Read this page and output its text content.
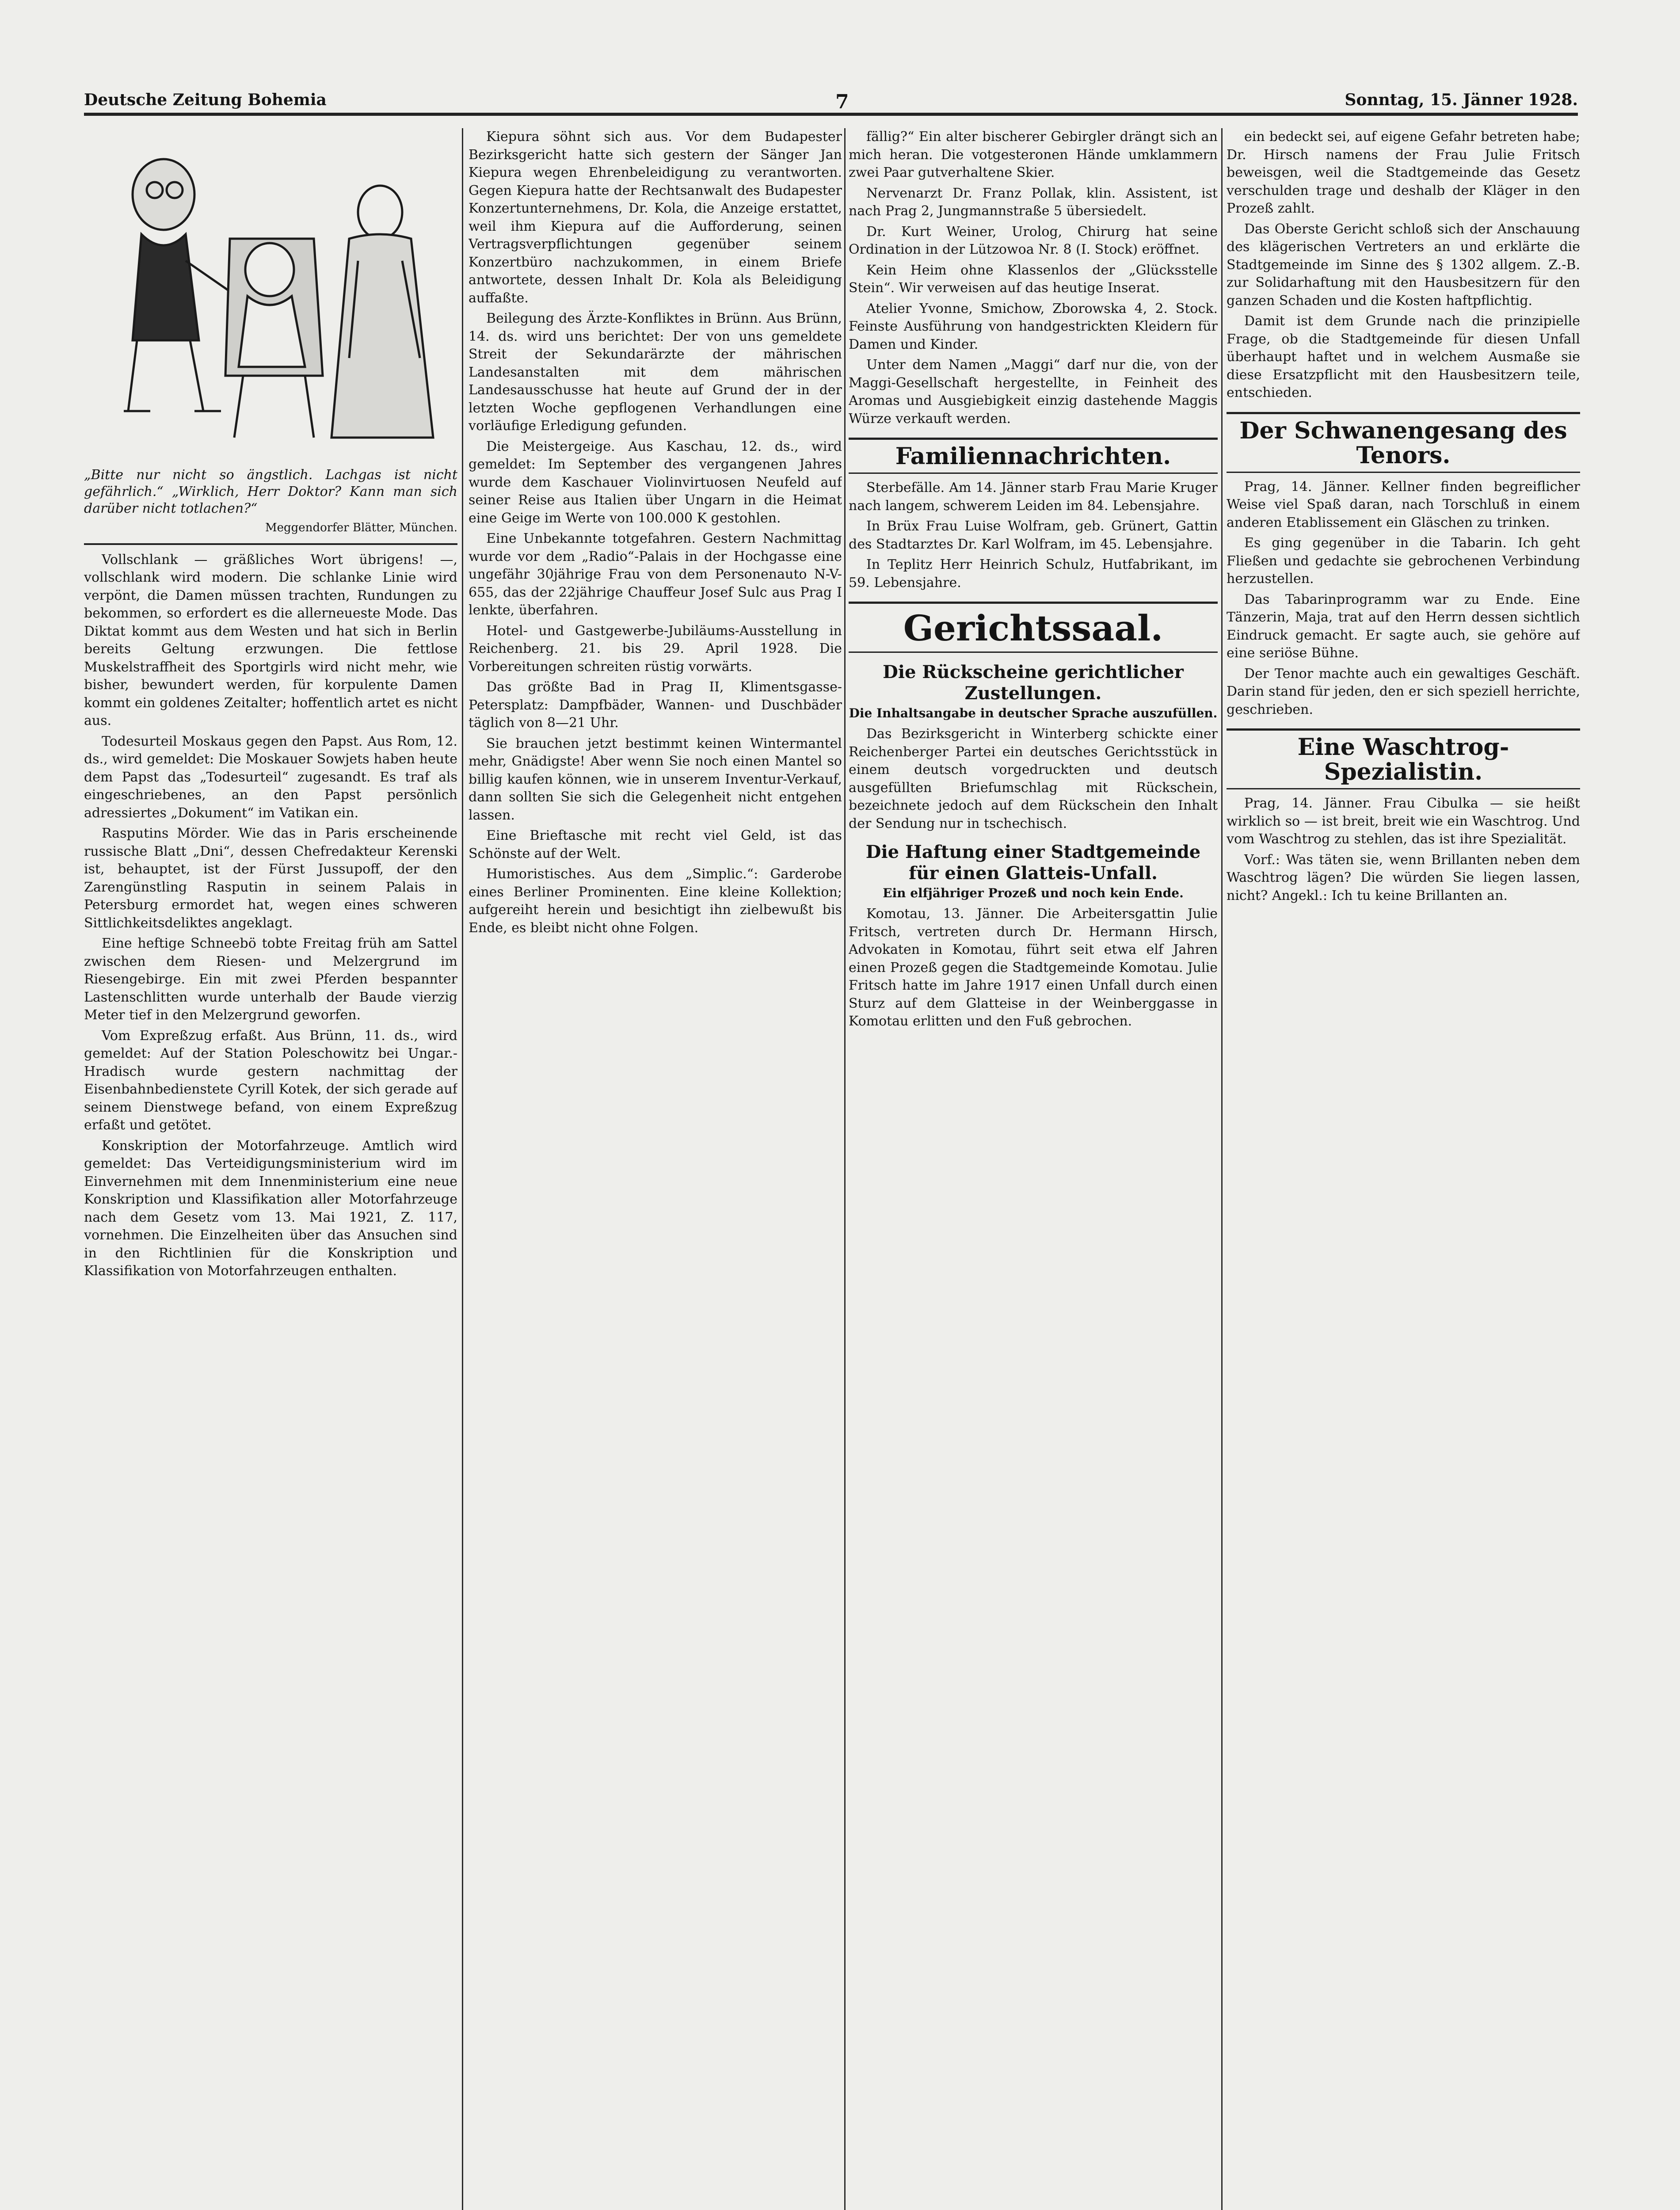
Deutsche Zeitung Bohemia	7	Sonntag, 15. Jänner 1928.
„Bitte nur nicht so ängstlich. Lachgas ist nicht gefährlich.“ „Wirklich, Herr Doktor? Kann man sich darüber nicht totlachen?“
Meggendorfer Blätter, München.

Vollschlank — gräßliches Wort übrigens! —, vollschlank wird modern. Die schlanke Linie wird verpönt, die Damen müssen trachten, Rundungen zu bekommen, so erfordert es die allerneueste Mode. Das Diktat kommt aus dem Westen und hat sich in Berlin bereits Geltung erzwungen. Die fettlose Muskelstraffheit des Sportgirls wird nicht mehr, wie bisher, bewundert werden, für korpulente Damen kommt ein goldenes Zeitalter; hoffentlich artet es nicht aus.

Todesurteil Moskaus gegen den Papst. Aus Rom, 12. ds., wird gemeldet: Die Moskauer Sowjets haben heute dem Papst das „Todesurteil“ zugesandt. Es traf als eingeschriebenes, an den Papst persönlich adressiertes „Dokument“ im Vatikan ein.

Rasputins Mörder. Wie das in Paris erscheinende russische Blatt „Dni“, dessen Chefredakteur Kerenski ist, behauptet, ist der Fürst Jussupoff, der den Zarengünstling Rasputin in seinem Palais in Petersburg ermordet hat, wegen eines schweren Sittlichkeitsdeliktes angeklagt.

Eine heftige Schneebö tobte Freitag früh am Sattel zwischen dem Riesen- und Melzergrund im Riesengebirge. Ein mit zwei Pferden bespannter Lastenschlitten wurde unterhalb der Baude vierzig Meter tief in den Melzergrund geworfen.

Vom Expreßzug erfaßt. Aus Brünn, 11. ds., wird gemeldet: Auf der Station Poleschowitz bei Ungar.-Hradisch wurde gestern nachmittag der Eisenbahnbedienstete Cyrill Kotek, der sich gerade auf seinem Dienstwege befand, von einem Expreßzug erfaßt und getötet.

Konskription der Motorfahrzeuge. Amtlich wird gemeldet: Das Verteidigungsministerium wird im Einvernehmen mit dem Innenministerium eine neue Konskription und Klassifikation aller Motorfahrzeuge nach dem Gesetz vom 13. Mai 1921, Z. 117, vornehmen. Die Einzelheiten über das Ansuchen sind in den Richtlinien für die Konskription und Klassifikation von Motorfahrzeugen enthalten.

Kiepura söhnt sich aus. Vor dem Budapester Bezirksgericht hatte sich gestern der Sänger Jan Kiepura wegen Ehrenbeleidigung zu verantworten. Gegen Kiepura hatte der Rechtsanwalt des Budapester Konzertunternehmens, Dr. Kola, die Anzeige erstattet, weil ihm Kiepura auf die Aufforderung, seinen Vertragsverpflichtungen gegenüber seinem Konzertbüro nachzukommen, in einem Briefe antwortete, dessen Inhalt Dr. Kola als Beleidigung auffaßte.

Beilegung des Ärzte-Konfliktes in Brünn. Aus Brünn, 14. ds. wird uns berichtet: Der von uns gemeldete Streit der Sekundarärzte der mährischen Landesanstalten mit dem mährischen Landesausschusse hat heute auf Grund der in der letzten Woche gepflogenen Verhandlungen eine vorläufige Erledigung gefunden.

Die Meistergeige. Aus Kaschau, 12. ds., wird gemeldet: Im September des vergangenen Jahres wurde dem Kaschauer Violinvirtuosen Neufeld auf seiner Reise aus Italien über Ungarn in die Heimat eine Geige im Werte von 100.000 K gestohlen.

Eine Unbekannte totgefahren. Gestern Nachmittag wurde vor dem „Radio“-Palais in der Hochgasse eine ungefähr 30jährige Frau von dem Personenauto N-V-655, das der 22jährige Chauffeur Josef Sulc aus Prag I lenkte, überfahren.

Hotel- und Gastgewerbe-Jubiläums-Ausstellung in Reichenberg. 21. bis 29. April 1928. Die Vorbereitungen schreiten rüstig vorwärts.

Das größte Bad in Prag II, Klimentsgasse-Petersplatz: Dampfbäder, Wannen- und Duschbäder täglich von 8—21 Uhr.

Sie brauchen jetzt bestimmt keinen Wintermantel mehr, Gnädigste! Aber wenn Sie noch einen Mantel so billig kaufen können, wie in unserem Inventur-Verkauf, dann sollten Sie sich die Gelegenheit nicht entgehen lassen.

Eine Brieftasche mit recht viel Geld, ist das Schönste auf der Welt.

Humoristisches. Aus dem „Simplic.“: Garderobe eines Berliner Prominenten. Eine kleine Kollektion; aufgereiht herein und besichtigt ihn zielbewußt bis Ende, es bleibt nicht ohne Folgen.

fällig?“ Ein alter bischerer Gebirgler drängt sich an mich heran. Die votgesteronen Hände umklammern zwei Paar gutverhaltene Skier.

Nervenarzt Dr. Franz Pollak, klin. Assistent, ist nach Prag 2, Jungmannstraße 5 übersiedelt.

Dr. Kurt Weiner, Urolog, Chirurg hat seine Ordination in der Lützowoa Nr. 8 (I. Stock) eröffnet.

Kein Heim ohne Klassenlos der „Glücksstelle Stein“. Wir verweisen auf das heutige Inserat.

Atelier Yvonne, Smichow, Zborowska 4, 2. Stock. Feinste Ausführung von handgestrickten Kleidern für Damen und Kinder.

Unter dem Namen „Maggi“ darf nur die, von der Maggi-Gesellschaft hergestellte, in Feinheit des Aromas und Ausgiebigkeit einzig dastehende Maggis Würze verkauft werden.

Familiennachrichten.

Sterbefälle. Am 14. Jänner starb Frau Marie Kruger nach langem, schwerem Leiden im 84. Lebensjahre.

In Brüx Frau Luise Wolfram, geb. Grünert, Gattin des Stadtarztes Dr. Karl Wolfram, im 45. Lebensjahre.

In Teplitz Herr Heinrich Schulz, Hutfabrikant, im 59. Lebensjahre.

Gerichtssaal.
Die Rückscheine gerichtlicher Zustellungen.
Die Inhaltsangabe in deutscher Sprache auszufüllen.

Das Bezirksgericht in Winterberg schickte einer Reichenberger Partei ein deutsches Gerichtsstück in einem deutsch vorgedruckten und deutsch ausgefüllten Briefumschlag mit Rückschein, bezeichnete jedoch auf dem Rückschein den Inhalt der Sendung nur in tschechisch.

Die Haftung einer Stadtgemeinde für einen Glatteis-Unfall.
Ein elfjähriger Prozeß und noch kein Ende.

Komotau, 13. Jänner. Die Arbeitersgattin Julie Fritsch, vertreten durch Dr. Hermann Hirsch, Advokaten in Komotau, führt seit etwa elf Jahren einen Prozeß gegen die Stadtgemeinde Komotau. Julie Fritsch hatte im Jahre 1917 einen Unfall durch einen Sturz auf dem Glatteise in der Weinberggasse in Komotau erlitten und den Fuß gebrochen.

ein bedeckt sei, auf eigene Gefahr betreten habe; Dr. Hirsch namens der Frau Julie Fritsch beweisgen, weil die Stadtgemeinde das Gesetz verschulden trage und deshalb der Kläger in den Prozeß zahlt.

Das Oberste Gericht schloß sich der Anschauung des klägerischen Vertreters an und erklärte die Stadtgemeinde im Sinne des § 1302 allgem. Z.-B. zur Solidarhaftung mit den Hausbesitzern für den ganzen Schaden und die Kosten haftpflichtig.

Damit ist dem Grunde nach die prinzipielle Frage, ob die Stadtgemeinde für diesen Unfall überhaupt haftet und in welchem Ausmaße sie diese Ersatzpflicht mit den Hausbesitzern teile, entschieden.

Der Schwanengesang des Tenors.

Prag, 14. Jänner. Kellner finden begreiflicher Weise viel Spaß daran, nach Torschluß in einem anderen Etablissement ein Gläschen zu trinken.

Es ging gegenüber in die Tabarin. Ich geht Fließen und gedachte sie gebrochenen Verbindung herzustellen.

Das Tabarinprogramm war zu Ende. Eine Tänzerin, Maja, trat auf den Herrn dessen sichtlich Eindruck gemacht. Er sagte auch, sie gehöre auf eine seriöse Bühne.

Der Tenor machte auch ein gewaltiges Geschäft. Darin stand für jeden, den er sich speziell herrichte, geschrieben.

Eine Waschtrog-Spezialistin.

Prag, 14. Jänner. Frau Cibulka — sie heißt wirklich so — ist breit, breit wie ein Waschtrog. Und vom Waschtrog zu stehlen, das ist ihre Spezialität.

Vorf.: Was täten sie, wenn Brillanten neben dem Waschtrog lägen? Die würden Sie liegen lassen, nicht? Angekl.: Ich tu keine Brillanten an.
